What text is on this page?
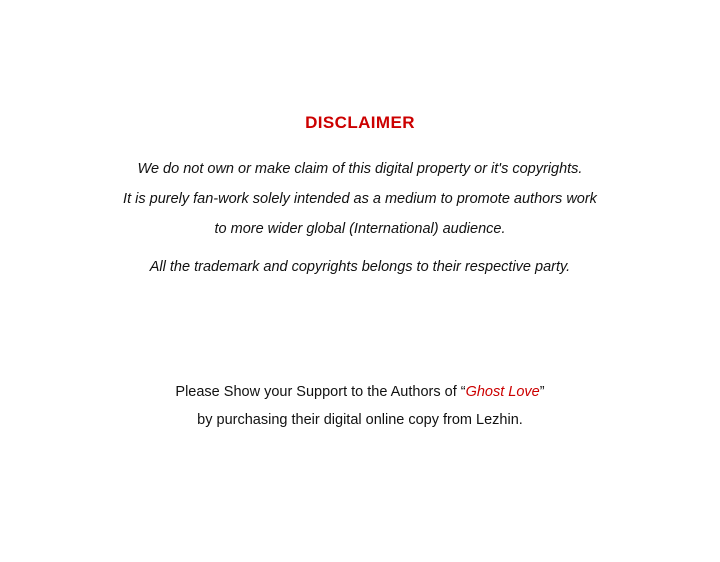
DISCLAIMER

We do not own or make claim of this digital property or it's copyrights.

It is purely fan-work solely intended as a medium to promote authors work

to more wider global (International) audience.

All the trademark and copyrights belongs to their respective party.

Please Show your Support to the Authors of “Ghost Love”

by purchasing their digital online copy from Lezhin.
